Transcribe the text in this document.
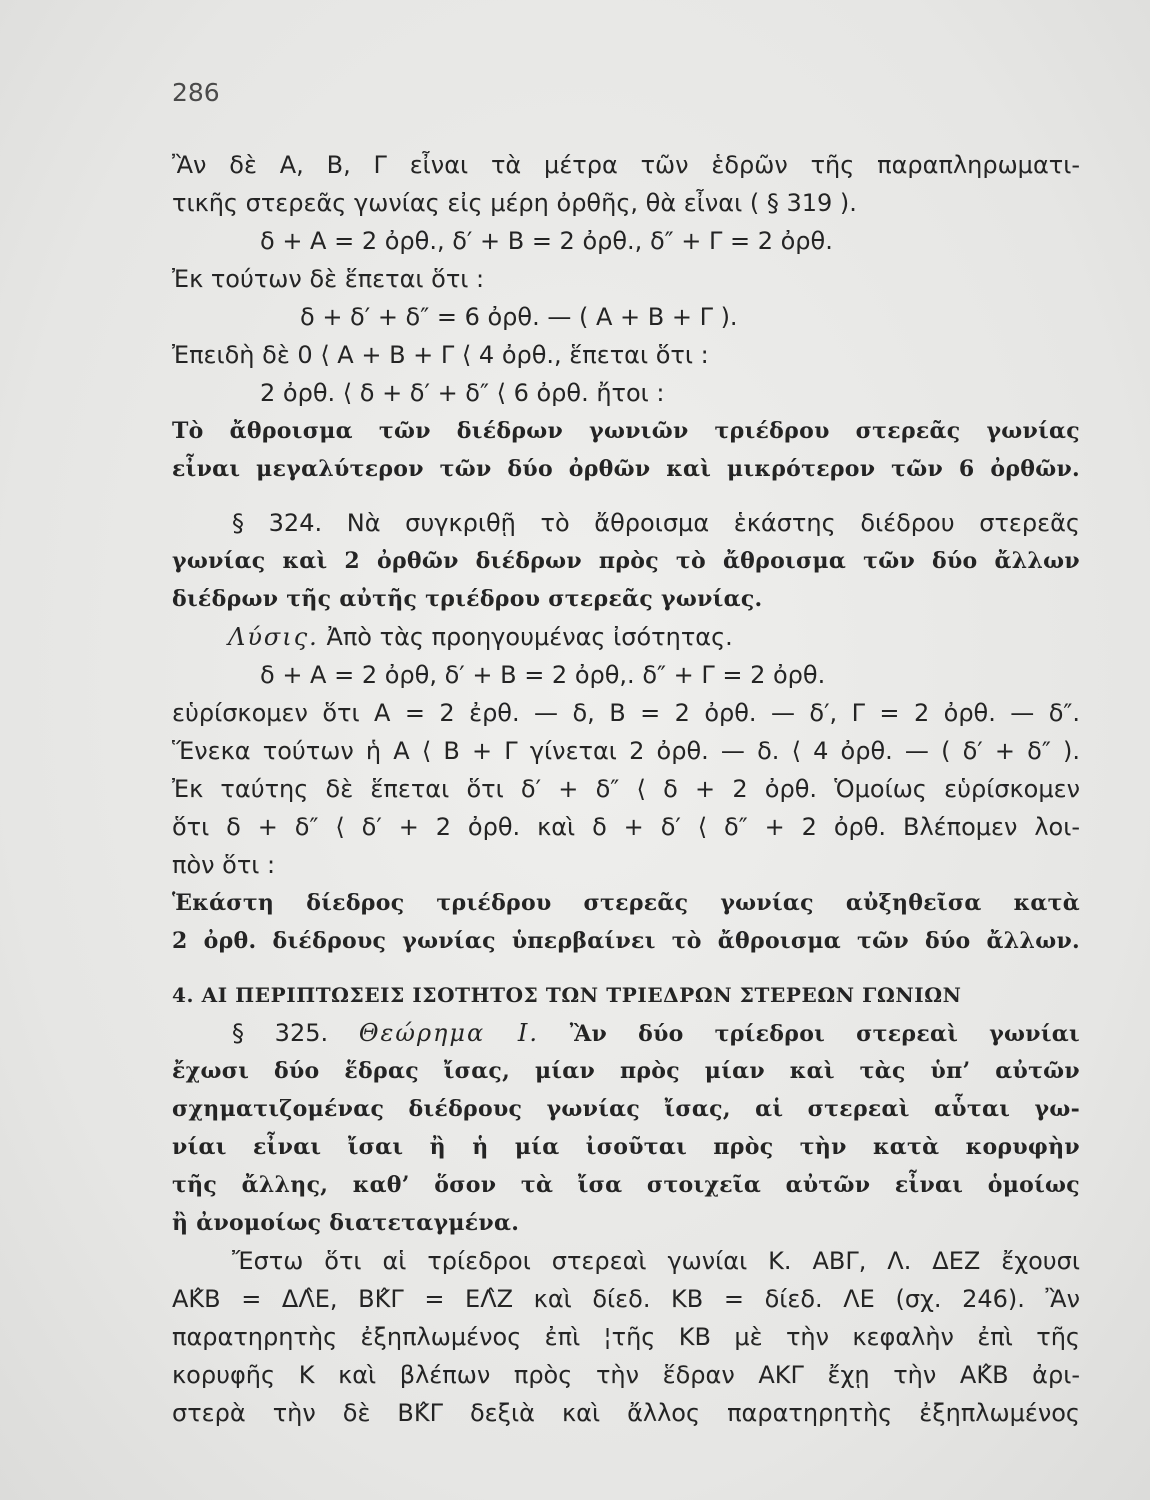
286
Ἂν δὲ Α, Β, Γ εἶναι τὰ μέτρα τῶν ἑδρῶν τῆς παραπληρωματι-
τικῆς στερεᾶς γωνίας εἰς μέρη ὀρθῆς, θὰ εἶναι ( § 319 ).
δ + Α = 2 ὀρθ., δ′ + Β = 2 ὀρθ., δ″ + Γ = 2 ὀρθ.
Ἐκ τούτων δὲ ἕπεται ὅτι :
δ + δ′ + δ″ = 6 ὀρθ. — ( Α + Β + Γ ).
Ἐπειδὴ δὲ 0 ⟨ Α + Β + Γ ⟨ 4 ὀρθ., ἕπεται ὅτι :
2 ὀρθ. ⟨ δ + δ′ + δ″ ⟨ 6 ὀρθ. ἤτοι :
Τὸ ἄθροισμα τῶν διέδρων γωνιῶν τριέδρου στερεᾶς γωνίας
εἶναι μεγαλύτερον τῶν δύο ὀρθῶν καὶ μικρότερον τῶν 6 ὀρθῶν.
§ 324. Νὰ συγκριθῇ τὸ ἄθροισμα ἑκάστης διέδρου στερεᾶς
γωνίας καὶ 2 ὀρθῶν διέδρων πρὸς τὸ ἄθροισμα τῶν δύο ἄλλων
διέδρων τῆς αὐτῆς τριέδρου στερεᾶς γωνίας.
Λύσις. Ἀπὸ τὰς προηγουμένας ἰσότητας.
δ + Α = 2 ὀρθ, δ′ + Β = 2 ὀρθ,. δ″ + Γ = 2 ὀρθ.
εὑρίσκομεν ὅτι Α = 2 ἐρθ. — δ, Β = 2 ὀρθ. — δ′, Γ = 2 ὀρθ. — δ″.
Ἕνεκα τούτων ἡ Α ⟨ Β + Γ γίνεται 2 ὀρθ. — δ. ⟨ 4 ὀρθ. — ( δ′ + δ″ ).
Ἐκ ταύτης δὲ ἕπεται ὅτι δ′ + δ″ ⟨ δ + 2 ὀρθ. Ὁμοίως εὑρίσκομεν
ὅτι δ + δ″ ⟨ δ′ + 2 ὀρθ. καὶ δ + δ′ ⟨ δ″ + 2 ὀρθ. Βλέπομεν λοι-
πὸν ὅτι :
Ἑκάστη δίεδρος τριέδρου στερεᾶς γωνίας αὐξηθεῖσα κατὰ
2 ὀρθ. διέδρους γωνίας ὑπερβαίνει τὸ ἄθροισμα τῶν δύο ἄλλων.
4. ΑΙ ΠΕΡΙΠΤΩΣΕΙΣ ΙΣΟΤΗΤΟΣ ΤΩΝ ΤΡΙΕΔΡΩΝ ΣΤΕΡΕΩΝ ΓΩΝΙΩΝ
§ 325. Θεώρημα Ι. Ἂν δύο τρίεδροι στερεαὶ γωνίαι
ἔχωσι δύο ἕδρας ἴσας, μίαν πρὸς μίαν καὶ τὰς ὑπ’ αὐτῶν
σχηματιζομένας διέδρους γωνίας ἴσας, αἱ στερεαὶ αὗται γω-
νίαι εἶναι ἴσαι ἢ ἡ μία ἰσοῦται πρὸς τὴν κατὰ κορυφὴν
τῆς ἄλλης, καθ’ ὅσον τὰ ἴσα στοιχεῖα αὐτῶν εἶναι ὁμοίως
ἢ ἀνομοίως διατεταγμένα.
Ἔστω ὅτι αἱ τρίεδροι στερεαὶ γωνίαι Κ. ΑΒΓ, Λ. ΔΕΖ ἔχουσι
ΑΚ̂Β = ΔΛ̂Ε, ΒΚ̂Γ = ΕΛ̂Ζ καὶ δίεδ. ΚΒ = δίεδ. ΛΕ (σχ. 246). Ἂν
παρατηρητὴς ἐξηπλωμένος ἐπὶ ¦τῆς ΚΒ μὲ τὴν κεφαλὴν ἐπὶ τῆς
κορυφῆς Κ καὶ βλέπων πρὸς τὴν ἕδραν ΑΚΓ ἔχῃ τὴν ΑΚ̂Β ἀρι-
στερὰ τὴν δὲ ΒΚ̂Γ δεξιὰ καὶ ἄλλος παρατηρητὴς ἐξηπλωμένος
